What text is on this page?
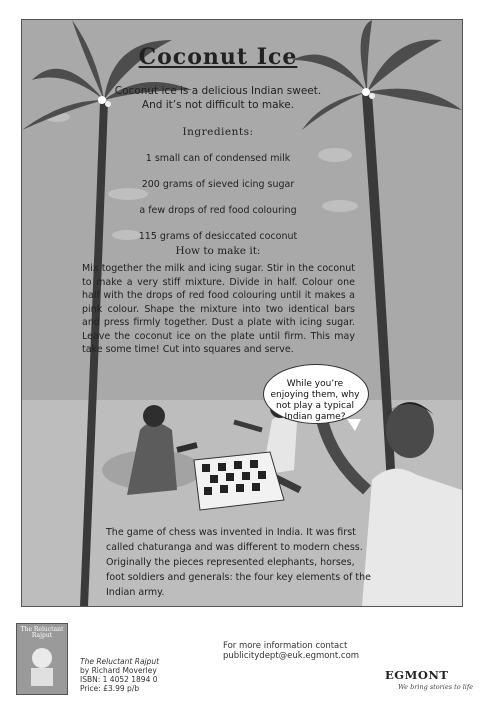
Coconut Ice
Coconut ice is a delicious Indian sweet.
And it’s not difficult to make.
Ingredients:
1 small can of condensed milk
200 grams of sieved icing sugar
a few drops of red food colouring
115 grams of desiccated coconut
How to make it:
Mix together the milk and icing sugar. Stir in the coconut to make a very stiff mixture. Divide in half. Colour one half with the drops of red food colouring until it makes a pink colour. Shape the mixture into two identical bars and press firmly together. Dust a plate with icing sugar. Leave the coconut ice on the plate until firm. This may take some time! Cut into squares and serve.
While you’re enjoying them, why not play a typical Indian game?
The game of chess was invented in India. It was first called chaturanga and was different to modern chess. Originally the pieces represented elephants, horses, foot soldiers and generals: the four key elements of the Indian army.
The Reluctant Rajput
The Reluctant Rajput
by Richard Moverley
ISBN: 1 4052 1894 0
Price: £3.99 p/b
For more information contact publicitydept@euk.egmont.com
EGMONT
We bring stories to life
